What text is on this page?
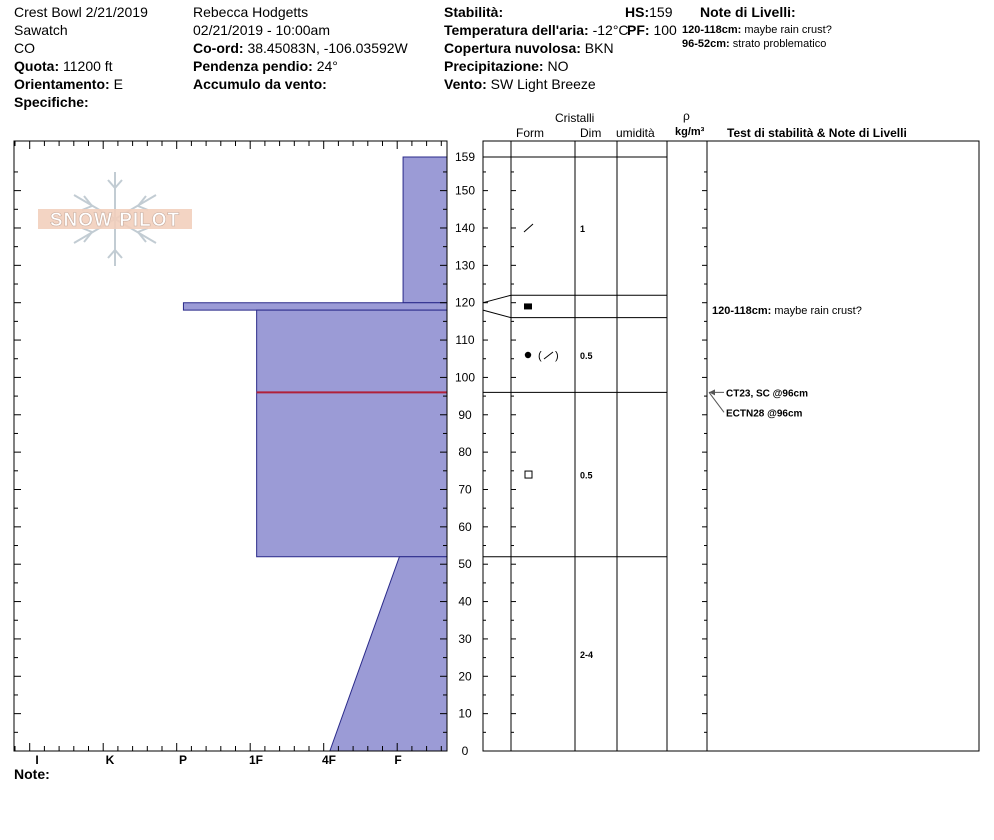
Crest Bowl 2/21/2019
Sawatch
CO
Quota: 11200 ft
Orientamento: E
Specifiche:
Rebecca Hodgetts
02/21/2019 - 10:00am
Co-ord: 38.45083N, -106.03592W
Pendenza pendio: 24°
Accumulo da vento:
Stabilità:
Temperatura dell'aria: -12°C
Copertura nuvolosa: BKN
Precipitazione: NO
Vento: SW Light Breeze
HS:159
PF: 100
Note di Livelli:
120-118cm: maybe rain crust?
96-52cm: strato problematico
Cristalli
Form	Dim umidità
ρ
kg/m³ Test di stabilità & Note di Livelli
SNOW PILOT
I	K	P	1F	4F	F
0
10
20
30
40
50
60
70
80
90
100
110
120
130
140
150
159
1
( ) 0.5
0.5
2-4
120-118cm: maybe rain crust?
CT23, SC @96cm
ECTN28 @96cm
Note:
